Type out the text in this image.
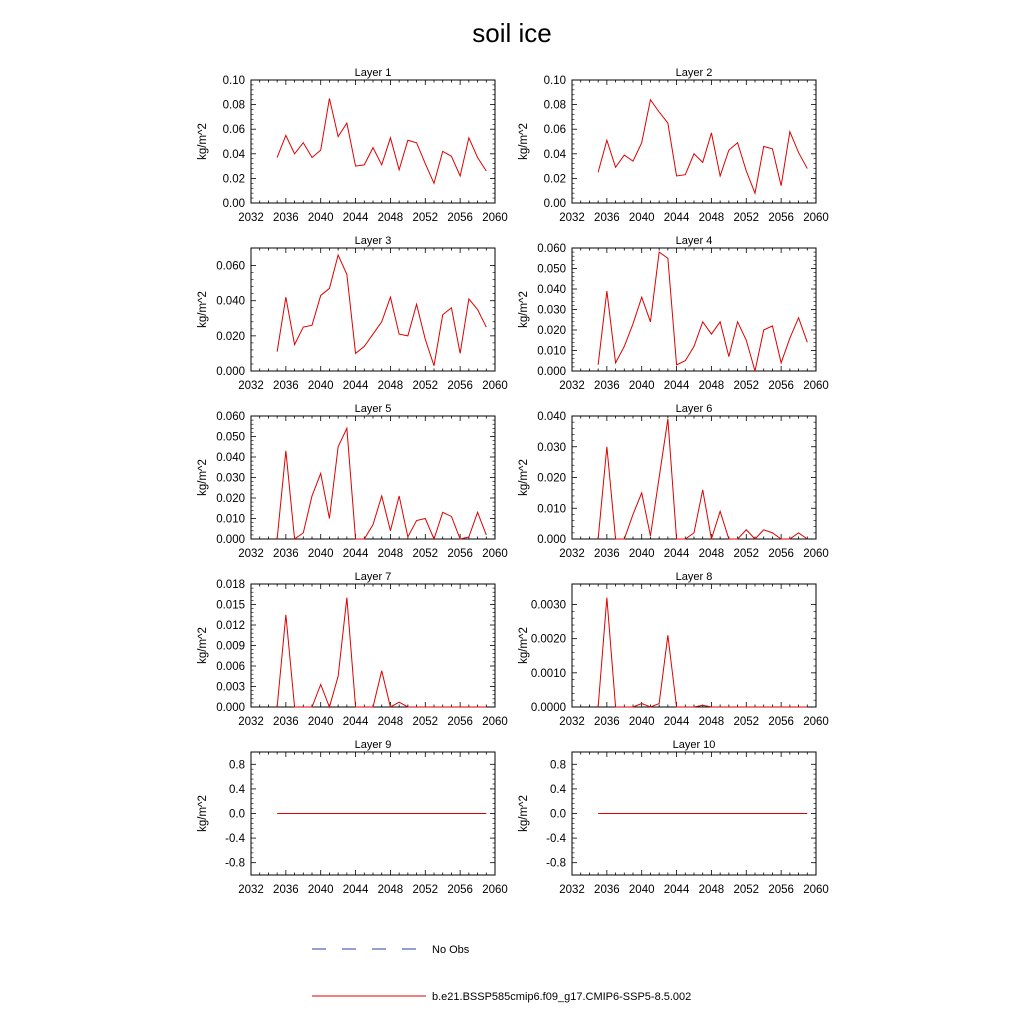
soil ice
Layer 1
2032 2036 2040 2044 2048 2052 2056 2060
0.00
0.02
0.04
0.06
0.08
0.10
kg/m^2
Layer 2
2032 2036 2040 2044 2048 2052 2056 2060
0.00
0.02
0.04
0.06
0.08
0.10
kg/m^2
Layer 3
2032 2036 2040 2044 2048 2052 2056 2060
0.000
0.020
0.040
0.060
kg/m^2
Layer 4
2032 2036 2040 2044 2048 2052 2056 2060
0.000
0.010
0.020
0.030
0.040
0.050
0.060
kg/m^2
Layer 5
2032 2036 2040 2044 2048 2052 2056 2060
0.000
0.010
0.020
0.030
0.040
0.050
0.060
kg/m^2
Layer 6
2032 2036 2040 2044 2048 2052 2056 2060
0.000
0.010
0.020
0.030
0.040
kg/m^2
Layer 7
2032 2036 2040 2044 2048 2052 2056 2060
0.000
0.003
0.006
0.009
0.012
0.015
0.018
kg/m^2
Layer 8
2032 2036 2040 2044 2048 2052 2056 2060
0.0000
0.0010
0.0020
0.0030
kg/m^2
Layer 9
2032 2036 2040 2044 2048 2052 2056 2060
-0.8
-0.4
0.0
0.4
0.8
kg/m^2
Layer 10
2032 2036 2040 2044 2048 2052 2056 2060
-0.8
-0.4
0.0
0.4
0.8
kg/m^2
No Obs
b.e21.BSSP585cmip6.f09_g17.CMIP6-SSP5-8.5.002
